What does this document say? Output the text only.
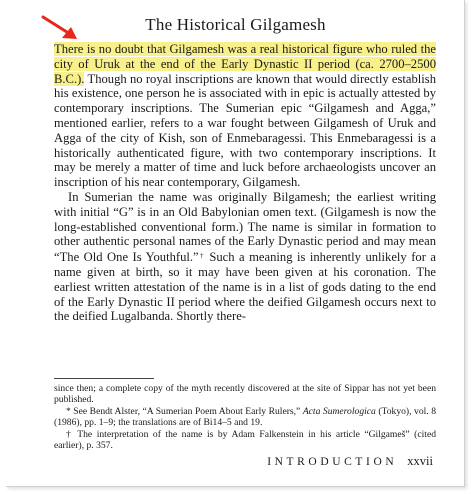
The Historical Gilgamesh

There is no doubt that Gilgamesh was a real historical figure who ruled the city of Uruk at the end of the Early Dynastic II period (ca. 2700–2500 B.C.). Though no royal inscriptions are known that would directly establish his existence, one person he is associated with in epic is actually attested by contemporary inscriptions. The Sumerian epic “Gilgamesh and Agga,” mentioned earlier, refers to a war fought between Gilgamesh of Uruk and Agga of the city of Kish, son of Enmebaragessi. This Enmebaragessi is a historically authenticated figure, with two contemporary inscriptions. It may be merely a matter of time and luck before archaeologists uncover an inscription of his near contemporary, Gilgamesh.

In Sumerian the name was originally Bilgamesh; the earliest writing with initial “G” is in an Old Babylonian omen text. (Gilgamesh is now the long-established conventional form.) The name is similar in formation to other authentic personal names of the Early Dynastic period and may mean “The Old One Is Youthful.”† Such a meaning is inherently unlikely for a name given at birth, so it may have been given at his coronation. The earliest written attestation of the name is in a list of gods dating to the end of the Early Dynastic II period where the deified Gilgamesh occurs next to the deified Lugalbanda. Shortly there-

since then; a complete copy of the myth recently discovered at the site of Sippar has not yet been published.

* See Bendt Alster, “A Sumerian Poem About Early Rulers,” Acta Sumerologica (Tokyo), vol. 8 (1986), pp. 1–9; the translations are of Bi14–5 and 19.

† The interpretation of the name is by Adam Falkenstein in his article “Gilgameš” (cited earlier), p. 357.

INTRODUCTION xxvii
